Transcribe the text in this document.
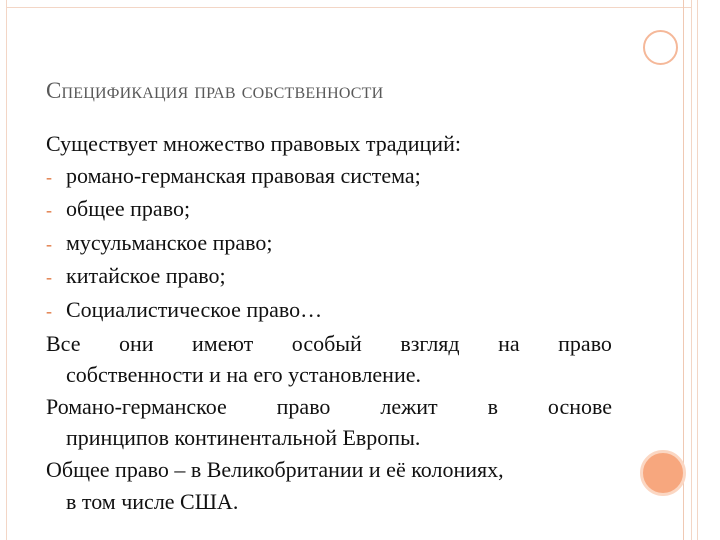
Спецификация прав собственности

Существует множество правовых традиций:

- романо-германская правовая система;
- общее право;
- мусульманское право;
- китайское право;
- Социалистическое право…
Все они имеют особый взгляд на право
собственности и на его установление.
Романо-германское право лежит в основе
принципов континентальной Европы.
Общее право – в Великобритании и её колониях,
в том числе США.
